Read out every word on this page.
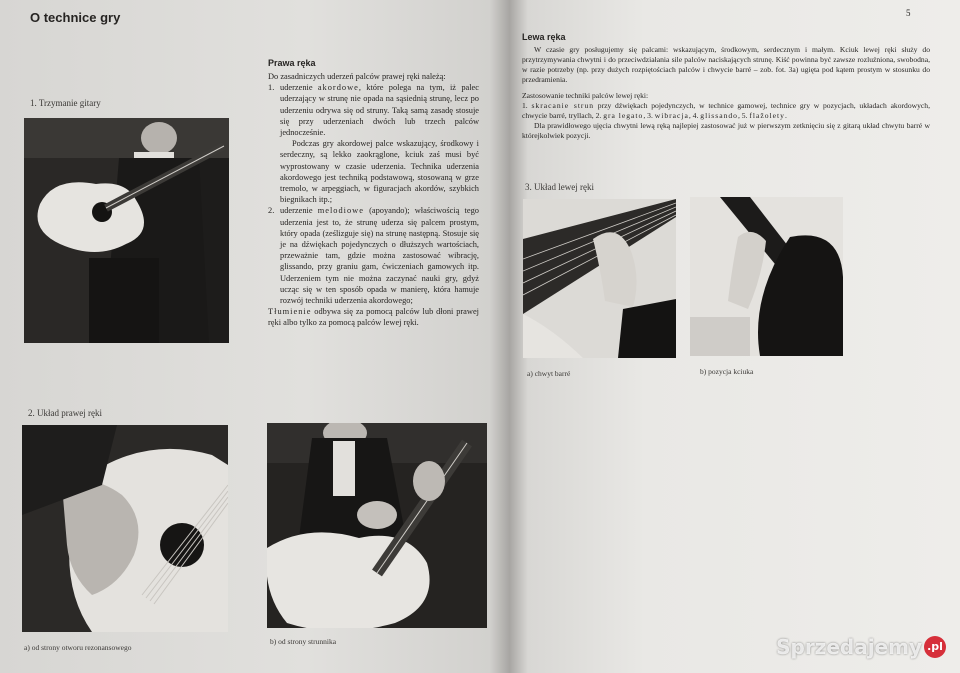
O technice gry
1. Trzymanie gitary
Prawa ręka

Do zasadniczych uderzeń palców prawej ręki należą:

1. uderzenie akordowe, które polega na tym, iż palec uderzający w strunę nie opada na sąsiednią strunę, lecz po uderzeniu odrywa się od struny. Taką samą zasadę stosuje się przy uderzeniach dwóch lub trzech palców jednocześnie.

Podczas gry akordowej palce wskazujący, środkowy i serdeczny, są lekko zaokrąglone, kciuk zaś musi być wyprostowany w czasie uderzenia. Technika uderzenia akordowego jest techniką podstawową, stosowaną w grze tremolo, w arpeggiach, w figuracjach akordów, szybkich biegnikach itp.;

2. uderzenie melodiowe (apoyando); właściwością tego uderzenia jest to, że strunę uderza się palcem prostym, który opada (ześlizguje się) na strunę następną. Stosuje się je na dźwiękach pojedynczych o dłuższych wartościach, przeważnie tam, gdzie można zastosować wibrację, glissando, przy graniu gam, ćwiczeniach gamowych itp. Uderzeniem tym nie można zaczynać nauki gry, gdyż ucząc się w ten sposób opada w manierę, która hamuje rozwój techniki uderzenia akordowego;

Tłumienie odbywa się za pomocą palców lub dłoni prawej ręki albo tylko za pomocą palców lewej ręki.

2. Układ prawej ręki
a) od strony otworu rezonansowego
b) od strony strunnika
5
Lewa ręka

W czasie gry posługujemy się palcami: wskazującym, środkowym, serdecznym i małym. Kciuk lewej ręki służy do przytrzymywania chwytni i do przeciwdziałania sile palców naciskających strunę. Kiść powinna być zawsze rozluźniona, swobodna, w razie potrzeby (np. przy dużych rozpiętościach palców i chwycie barré – zob. fot. 3a) ugięta pod kątem prostym w stosunku do przedramienia.

Zastosowanie techniki palców lewej ręki:

1. skracanie strun przy dźwiękach pojedynczych, w technice gamowej, technice gry w pozycjach, układach akordowych, chwycie barré, tryllach, 2. gra legato, 3. wibracja, 4. glissando, 5. flažolety.

Dla prawidłowego ujęcia chwytni lewą ręką najlepiej zastosować już w pierwszym zetknięciu się z gitarą układ chwytu barré w którejkolwiek pozycji.

3. Układ lewej ręki
a) chwyt barré	b) pozycja kciuka
Sprzedajemy .pl
